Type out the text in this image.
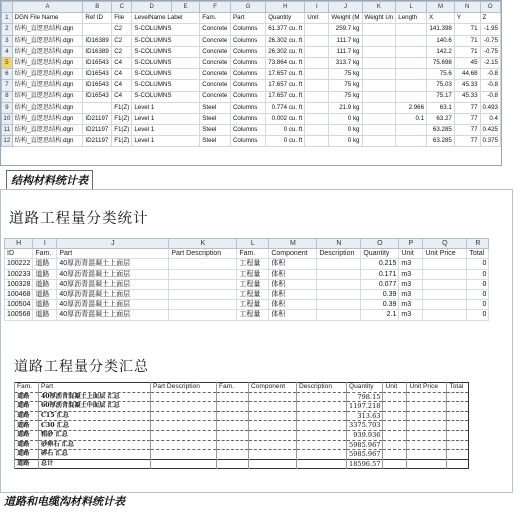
	A	B	C	D	E	F	G	H	I	J	K	L	M	N	O
1	DGN File Name	Ref ID	File	LevelName Label		Fam.	Part	Quantity	Unit	Weight (M	Weight Un	Length	X	Y	Z
2	结构_直逻思结构.dgn		C2	S-COLUMNS		Concrete	Columns	61.377 cu. ft		259.7 kg			141.398	71	-1.95
3	结构_直逻思结构.dgn	ID16389	C2	S-COLUMNS		Concrete	Columns	26.302 cu. ft		111.7 kg			140.6	71	-0.75
4	结构_直逻思结构.dgn	ID16389	C2	S-COLUMNS		Concrete	Columns	26.302 cu. ft		111.7 kg			142.2	71	-0.75
5	结构_直逻思结构.dgn	ID16543	C4	S-COLUMNS		Concrete	Columns	73.864 cu. ft		313.7 kg			75.698	45	-2.15
6	结构_直逻思结构.dgn	ID16543	C4	S-COLUMNS		Concrete	Columns	17.657 cu. ft		75 kg			75.6	44.68	-0.8
7	结构_直逻思结构.dgn	ID16543	C4	S-COLUMNS		Concrete	Columns	17.657 cu. ft		75 kg			75.03	45.33	-0.8
8	结构_直逻思结构.dgn	ID16543	C4	S-COLUMNS		Concrete	Columns	17.657 cu. ft		75 kg			75.17	45.33	-0.8
9	结构_直逻思结构.dgn		F1(Z)	Level 1		Steel	Columns	0.774 cu. ft		21.9 kg		2.966	63.1	77	0.493
10	结构_直逻思结构.dgn	ID21197	F1(Z)	Level 1		Steel	Columns	0.002 cu. ft		0 kg		0.1	63.27	77	0.4
11	结构_直逻思结构.dgn	ID21197	F1(Z)	Level 1		Steel	Columns	0 cu. ft		0 kg			63.285	77	0.425
12	结构_直逻思结构.dgn	ID21197	F1(Z)	Level 1		Steel	Columns	0 cu. ft		0 kg			63.285	77	0.375
结构材料统计表
道路工程量分类统计
H	I	J	K	L	M	N	O	P	Q	R
ID	Fam.	Part	Part Description	Fam.	Component	Description	Quantity	Unit	Unit Price	Total
100222	道路	40厚沥青混凝土上面层		工程量	体积		0.215	m3		0
100233	道路	40厚沥青混凝土上面层		工程量	体积		0.171	m3		0
100328	道路	40厚沥青混凝土上面层		工程量	体积		0.077	m3		0
100468	道路	40厚沥青混凝土上面层		工程量	体积		0.39	m3		0
100504	道路	40厚沥青混凝土上面层		工程量	体积		0.39	m3		0
100568	道路	40厚沥青混凝土上面层		工程量	体积		2.1	m3		0
道路工程量分类汇总
Fam.	Part	Part Description	Fam.	Component	Description	Quantity	Unit	Unit Price	Total
道路	40厚沥青混凝土上面层 汇总					798.15			
道路	60厚沥青混凝土中面层 汇总					1197.218			
道路	C15 汇总					313.63			
道路	C30 汇总					3375.703			
道路	粗砂 汇总					939.936			
道路	砂卵石 汇总					5985.967			
道路	碎石 汇总					5985.967			
道路	总计					18596.57			
道路和电缆沟材料统计表
